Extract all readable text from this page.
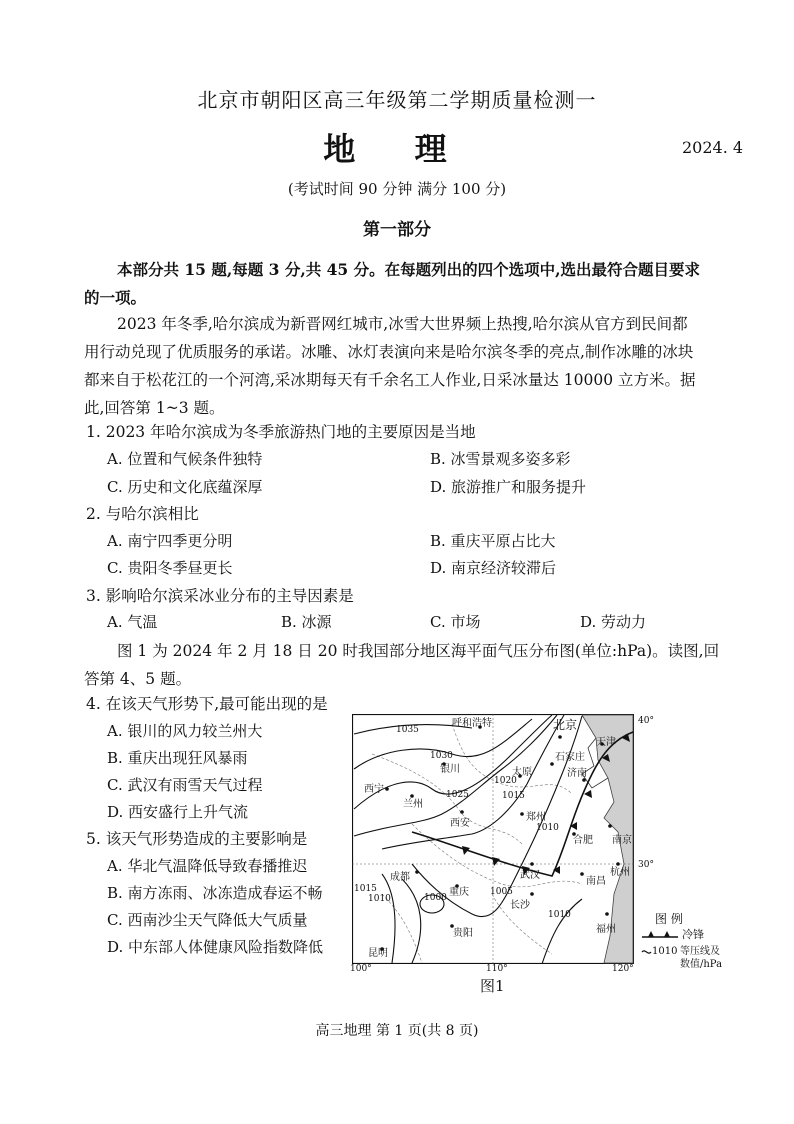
北京市朝阳区高三年级第二学期质量检测一
地 理	2024. 4
(考试时间 90 分钟 满分 100 分)
第一部分
本部分共 15 题,每题 3 分,共 45 分。在每题列出的四个选项中,选出最符合题目要求
的一项。
2023 年冬季,哈尔滨成为新晋网红城市,冰雪大世界频上热搜,哈尔滨从官方到民间都
用行动兑现了优质服务的承诺。冰雕、冰灯表演向来是哈尔滨冬季的亮点,制作冰雕的冰块
都来自于松花江的一个河湾,采冰期每天有千余名工人作业,日采冰量达 10000 立方米。据
此,回答第 1~3 题。
1. 2023 年哈尔滨成为冬季旅游热门地的主要原因是当地
A. 位置和气候条件独特	B. 冰雪景观多姿多彩
C. 历史和文化底蕴深厚	D. 旅游推广和服务提升
2. 与哈尔滨相比
A. 南宁四季更分明	B. 重庆平原占比大
C. 贵阳冬季昼更长	D. 南京经济较滞后
3. 影响哈尔滨采冰业分布的主导因素是
A. 气温	B. 冰源	C. 市场	D. 劳动力
图 1 为 2024 年 2 月 18 日 20 时我国部分地区海平面气压分布图(单位:hPa)。读图,回
答第 4、5 题。
4. 在该天气形势下,最可能出现的是
A. 银川的风力较兰州大
B. 重庆出现狂风暴雨
C. 武汉有雨雪天气过程
D. 西安盛行上升气流
5. 该天气形势造成的主要影响是
A. 华北气温降低导致春播推迟
B. 南方冻雨、冰冻造成春运不畅
C. 西南沙尘天气降低大气质量
D. 中东部人体健康风险指数降低
北京
呼和浩特
天津
银川
石家庄
济南
太原
西宁
兰州
西安
郑州
合肥 南京
杭州
成都
重庆
武汉
长沙
南昌
贵阳	福州
昆明
1035
1030
1025
1020
1015
1010
1005
1000
1015
1010
1010
40°
30°
100°	110°	120°
图 例
冷锋
1010 等压线及
数值/hPa
图1
高三地理 第 1 页(共 8 页)
